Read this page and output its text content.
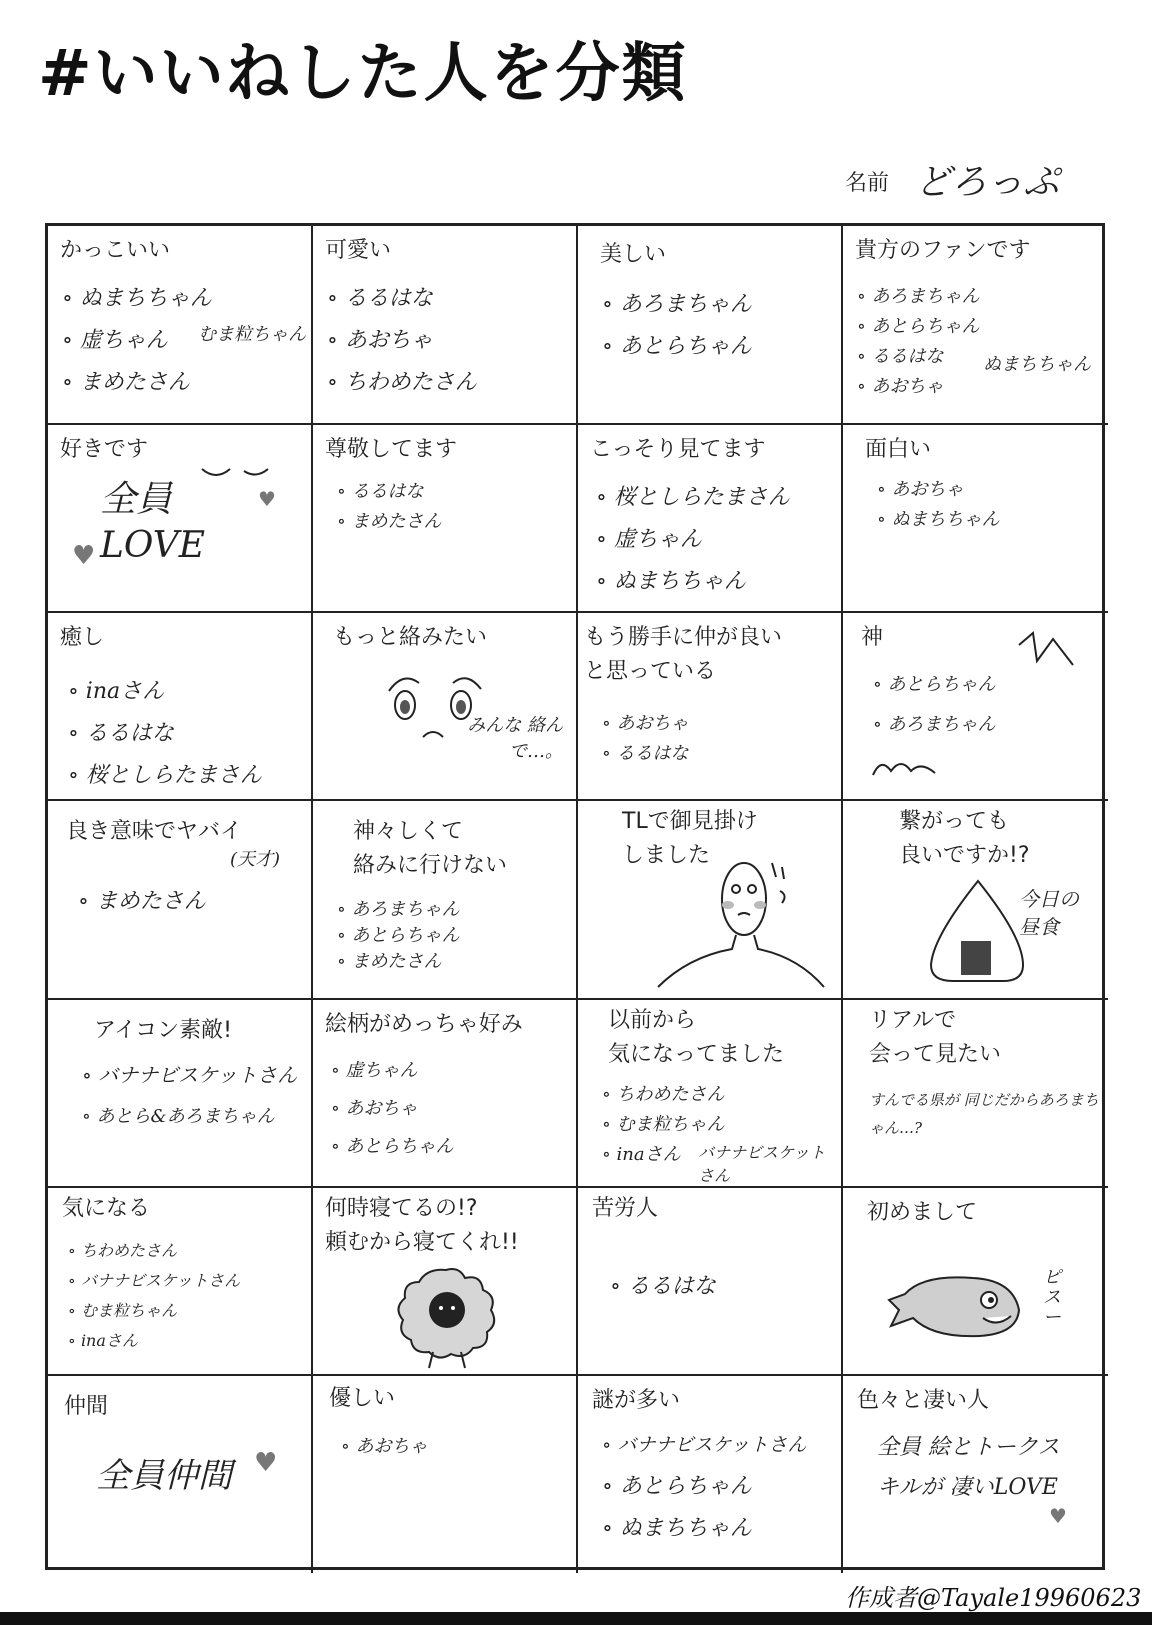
#いいねした人を分類
名前 どろっぷ
かっこいい
∘ ぬまちちゃん
∘ 虚ちゃん
∘ まめたさん
むま粒ちゃん
可愛い
∘ るるはな
∘ あおちゃ
∘ ちわめたさん
美しい
∘ あろまちゃん
∘ あとらちゃん
貴方のファンです
∘ あろまちゃん
∘ あとらちゃん
∘ るるはな
∘ あおちゃ
ぬまちちゃん
好きです
全員 LOVE
♥
♥
尊敬してます
∘ るるはな
∘ まめたさん
こっそり見てます
∘ 桜としらたまさん
∘ 虚ちゃん
∘ ぬまちちゃん
面白い
∘ あおちゃ
∘ ぬまちちゃん
癒し
∘ inaさん
∘ るるはな
∘ 桜としらたまさん
もっと絡みたい
みんな 絡んで…。
もう勝手に仲が良い
と思っている
∘ あおちゃ
∘ るるはな
神
∘ あとらちゃん
∘ あろまちゃん
良き意味でヤバイ
(天才)
∘ まめたさん
神々しくて
絡みに行けない
∘ あろまちゃん
∘ あとらちゃん
∘ まめたさん
TLで御見掛け
しました
繋がっても
良いですか!?
今日の 昼食
アイコン素敵!
∘ バナナビスケットさん
∘ あとら&あろまちゃん
絵柄がめっちゃ好み
∘ 虚ちゃん
∘ あおちゃ
∘ あとらちゃん
以前から
気になってました
∘ ちわめたさん
∘ むま粒ちゃん
∘ inaさん	バナナビスケットさん
リアルで
会って見たい
すんでる県が 同じだからあろまちゃん…?
気になる
∘ ちわめたさん
∘ バナナビスケットさん
∘ むま粒ちゃん
∘ inaさん
何時寝てるの!?
頼むから寝てくれ!!
苦労人
∘ るるはな
初めまして
ピスー
仲間
全員仲間 ♥
優しい
∘ あおちゃ
謎が多い
∘ バナナビスケットさん
∘ あとらちゃん
∘ ぬまちちゃん
色々と凄い人
全員 絵とトークスキルが 凄いLOVE
♥
作成者@Tayale19960623
